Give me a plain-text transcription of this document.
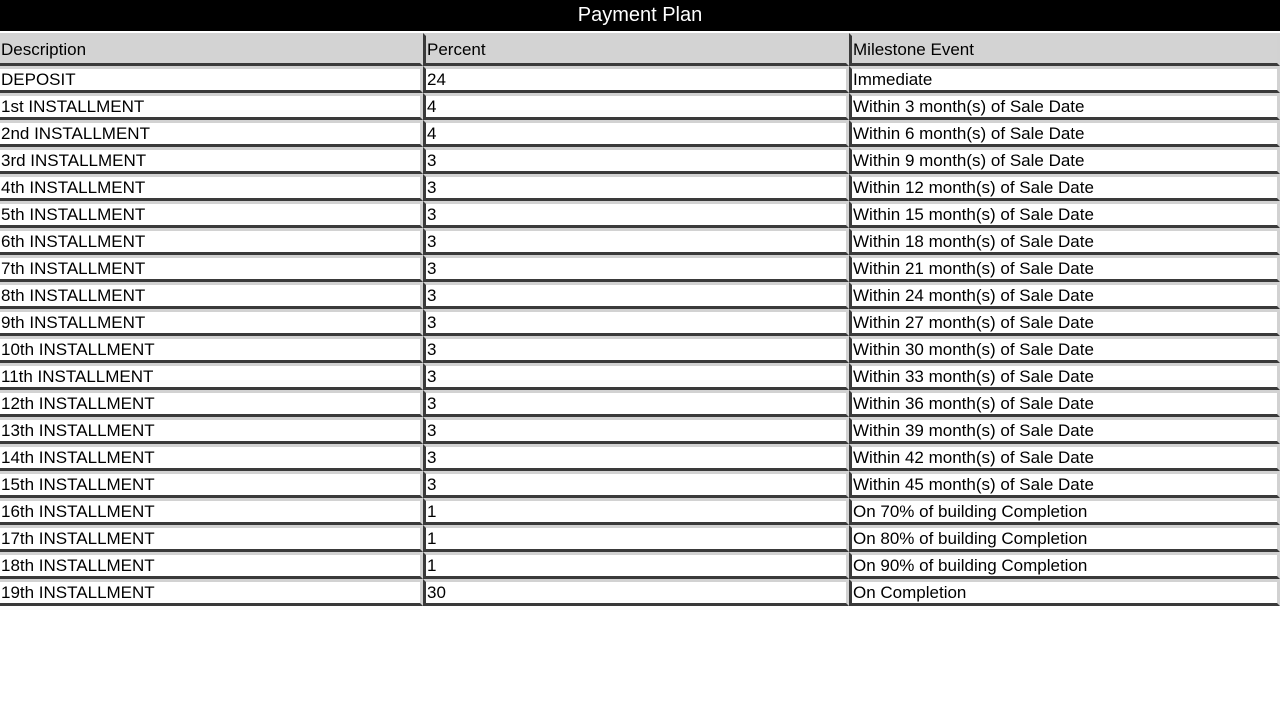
Payment Plan
Description	Percent	Milestone Event
DEPOSIT	24	Immediate
1st INSTALLMENT	4	Within 3 month(s) of Sale Date
2nd INSTALLMENT	4	Within 6 month(s) of Sale Date
3rd INSTALLMENT	3	Within 9 month(s) of Sale Date
4th INSTALLMENT	3	Within 12 month(s) of Sale Date
5th INSTALLMENT	3	Within 15 month(s) of Sale Date
6th INSTALLMENT	3	Within 18 month(s) of Sale Date
7th INSTALLMENT	3	Within 21 month(s) of Sale Date
8th INSTALLMENT	3	Within 24 month(s) of Sale Date
9th INSTALLMENT	3	Within 27 month(s) of Sale Date
10th INSTALLMENT	3	Within 30 month(s) of Sale Date
11th INSTALLMENT	3	Within 33 month(s) of Sale Date
12th INSTALLMENT	3	Within 36 month(s) of Sale Date
13th INSTALLMENT	3	Within 39 month(s) of Sale Date
14th INSTALLMENT	3	Within 42 month(s) of Sale Date
15th INSTALLMENT	3	Within 45 month(s) of Sale Date
16th INSTALLMENT	1	On 70% of building Completion
17th INSTALLMENT	1	On 80% of building Completion
18th INSTALLMENT	1	On 90% of building Completion
19th INSTALLMENT	30	On Completion
